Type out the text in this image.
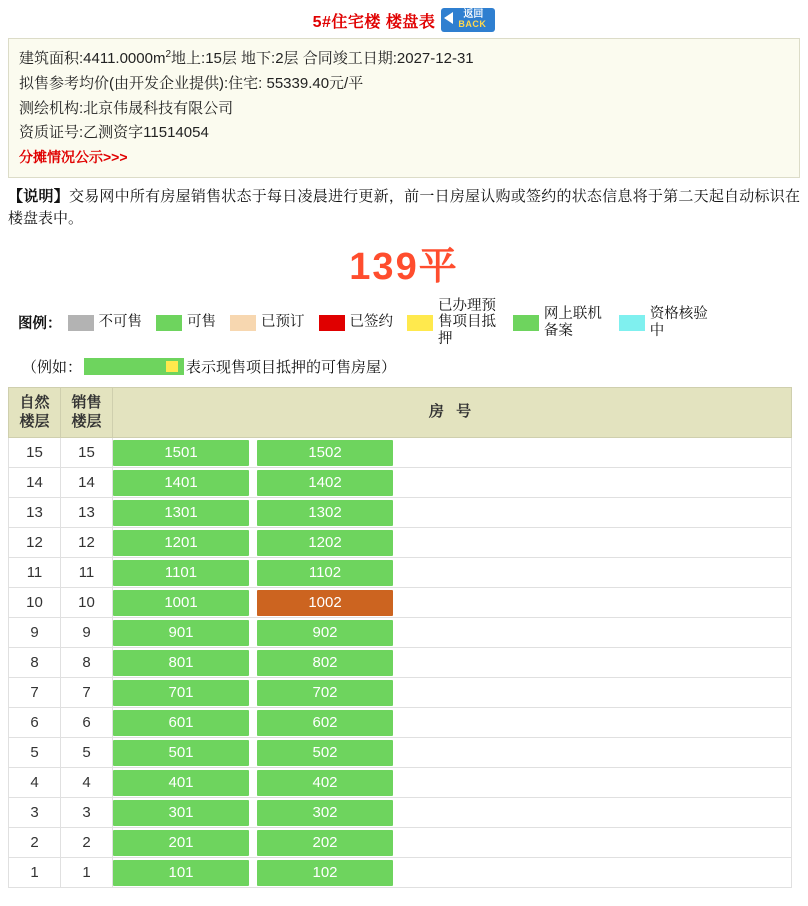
5#住宅楼 楼盘表	返回
BACK
建筑面积$:4411.0000m^2$地上:15层 地下:2层 合同竣工日期:2027-12-31
拟售参考均价(由开发企业提供):住宅: 55339.40元/平
测绘机构:北京伟晟科技有限公司
资质证号:乙测资字11514054
分摊情况公示>>>
【说明】交易网中所有房屋销售状态于每日凌晨进行更新，前一日房屋认购或签约的状态信息将于第二天起自动标识在楼盘表中。
139平
图例：	不可售	可售	已预订	已签约
已办理预售项目抵押
网上联机备案
资格核验中
（例如：	表示现售项目抵押的可售房屋）
自然
楼层

销售
楼层
	房 号
15	15	1501 1502

14	14	1401 1402

13	13	1301 1302

12	12	1201 1202

11	11	1101 1102

10	10	1001 1002

9	9	901 902

8	8	801 802

7	7	701 702

6	6	601 602

5	5	501 502

4	4	401 402

3	3	301 302

2	2	201 202

1	1	101 102
